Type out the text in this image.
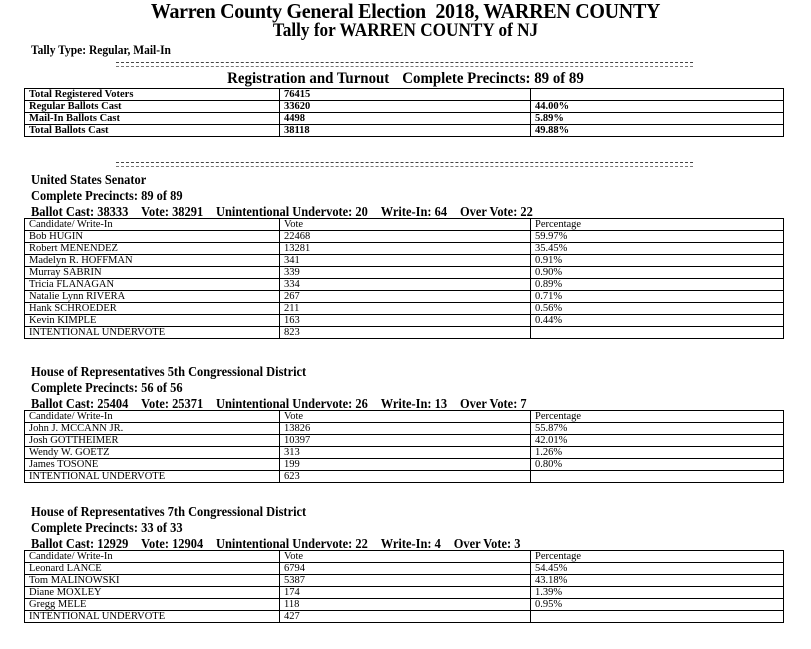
Warren County General Election  2018, WARREN COUNTY
Tally for WARREN COUNTY of NJ
Tally Type: Regular, Mail-In
Registration and Turnout Complete Precincts: 89 of 89
Total Registered Voters	76415	
Regular Ballots Cast	33620	44.00%
Mail-In Ballots Cast	4498	5.89%
Total Ballots Cast	38118	49.88%
United States Senator
Complete Precincts: 89 of 89
Ballot Cast: 38333 Vote: 38291 Unintentional Undervote: 20 Write-In: 64 Over Vote: 22
Candidate/ Write-In	Vote	Percentage
Bob HUGIN	22468	59.97%
Robert MENENDEZ	13281	35.45%
Madelyn R. HOFFMAN	341	0.91%
Murray SABRIN	339	0.90%
Tricia FLANAGAN	334	0.89%
Natalie Lynn RIVERA	267	0.71%
Hank SCHROEDER	211	0.56%
Kevin KIMPLE	163	0.44%
INTENTIONAL UNDERVOTE	823	
House of Representatives 5th Congressional District
Complete Precincts: 56 of 56
Ballot Cast: 25404 Vote: 25371 Unintentional Undervote: 26 Write-In: 13 Over Vote: 7
Candidate/ Write-In	Vote	Percentage
John J. MCCANN JR.	13826	55.87%
Josh GOTTHEIMER	10397	42.01%
Wendy W. GOETZ	313	1.26%
James TOSONE	199	0.80%
INTENTIONAL UNDERVOTE	623	
House of Representatives 7th Congressional District
Complete Precincts: 33 of 33
Ballot Cast: 12929 Vote: 12904 Unintentional Undervote: 22 Write-In: 4 Over Vote: 3
Candidate/ Write-In	Vote	Percentage
Leonard LANCE	6794	54.45%
Tom MALINOWSKI	5387	43.18%
Diane MOXLEY	174	1.39%
Gregg MELE	118	0.95%
INTENTIONAL UNDERVOTE	427	
